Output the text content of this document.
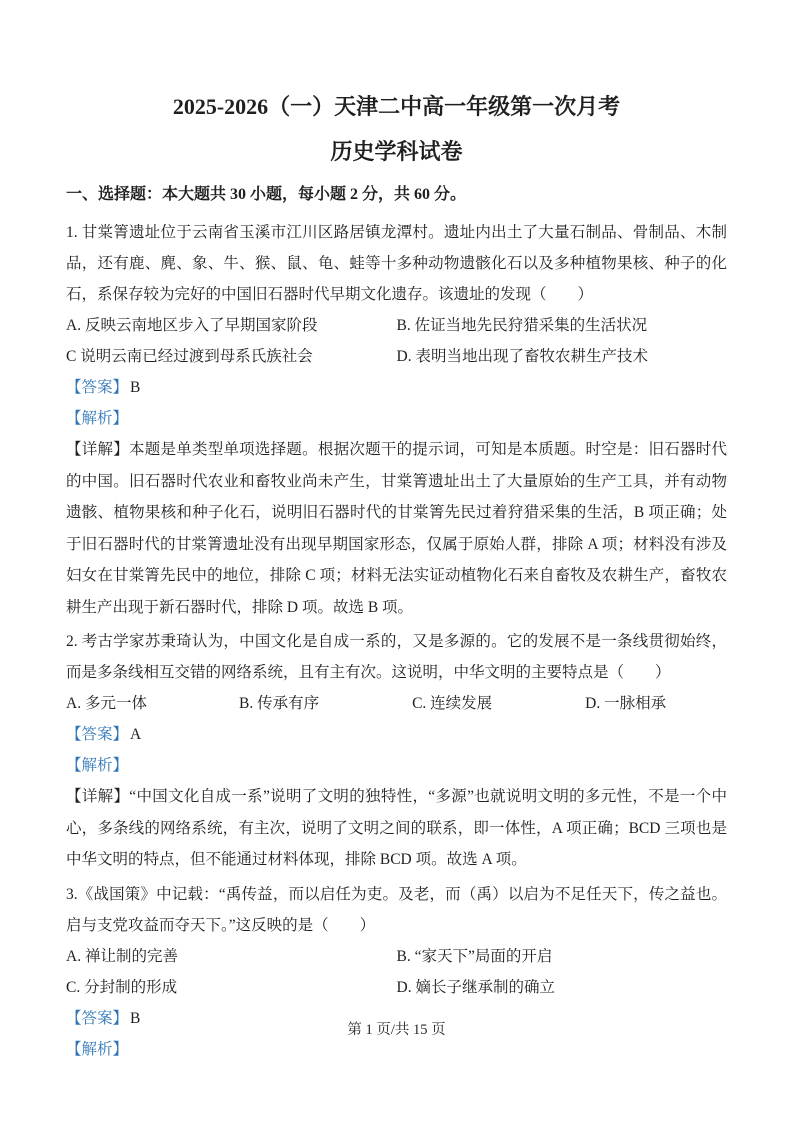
2025-2026（一）天津二中高一年级第一次月考
历史学科试卷
一、选择题：本大题共 30 小题，每小题 2 分，共 60 分。

1. 甘棠箐遗址位于云南省玉溪市江川区路居镇龙潭村。遗址内出土了大量石制品、骨制品、木制品，还有鹿、麂、象、牛、猴、鼠、龟、蛙等十多种动物遗骸化石以及多种植物果核、种子的化石，系保存较为完好的中国旧石器时代早期文化遗存。该遗址的发现（　　）

A. 反映云南地区步入了早期国家阶段	B. 佐证当地先民狩猎采集的生活状况
C 说明云南已经过渡到母系氏族社会	D. 表明当地出现了畜牧农耕生产技术

【答案】 B

【解析】

【详解】本题是单类型单项选择题。根据次题干的提示词，可知是本质题。时空是：旧石器时代的中国。旧石器时代农业和畜牧业尚未产生，甘棠箐遗址出土了大量原始的生产工具，并有动物遗骸、植物果核和种子化石，说明旧石器时代的甘棠箐先民过着狩猎采集的生活，B 项正确；处于旧石器时代的甘棠箐遗址没有出现早期国家形态，仅属于原始人群，排除 A 项；材料没有涉及妇女在甘棠箐先民中的地位，排除 C 项；材料无法实证动植物化石来自畜牧及农耕生产，畜牧农耕生产出现于新石器时代，排除 D 项。故选 B 项。

2. 考古学家苏秉琦认为，中国文化是自成一系的，又是多源的。它的发展不是一条线贯彻始终，而是多条线相互交错的网络系统，且有主有次。这说明，中华文明的主要特点是（　　）

A. 多元一体	B. 传承有序	C. 连续发展	D. 一脉相承

【答案】 A

【解析】

【详解】“中国文化自成一系”说明了文明的独特性，“多源”也就说明文明的多元性，不是一个中心，多条线的网络系统，有主次，说明了文明之间的联系，即一体性，A 项正确；BCD 三项也是中华文明的特点，但不能通过材料体现，排除 BCD 项。故选 A 项。

3.《战国策》中记载：“禹传益，而以启任为吏。及老，而（禹）以启为不足任天下，传之益也。启与支党攻益而夺天下。”这反映的是（　　）

A. 禅让制的完善	B. “家天下”局面的开启
C. 分封制的形成	D. 嫡长子继承制的确立

【答案】 B

【解析】

第 1 页/共 15 页
